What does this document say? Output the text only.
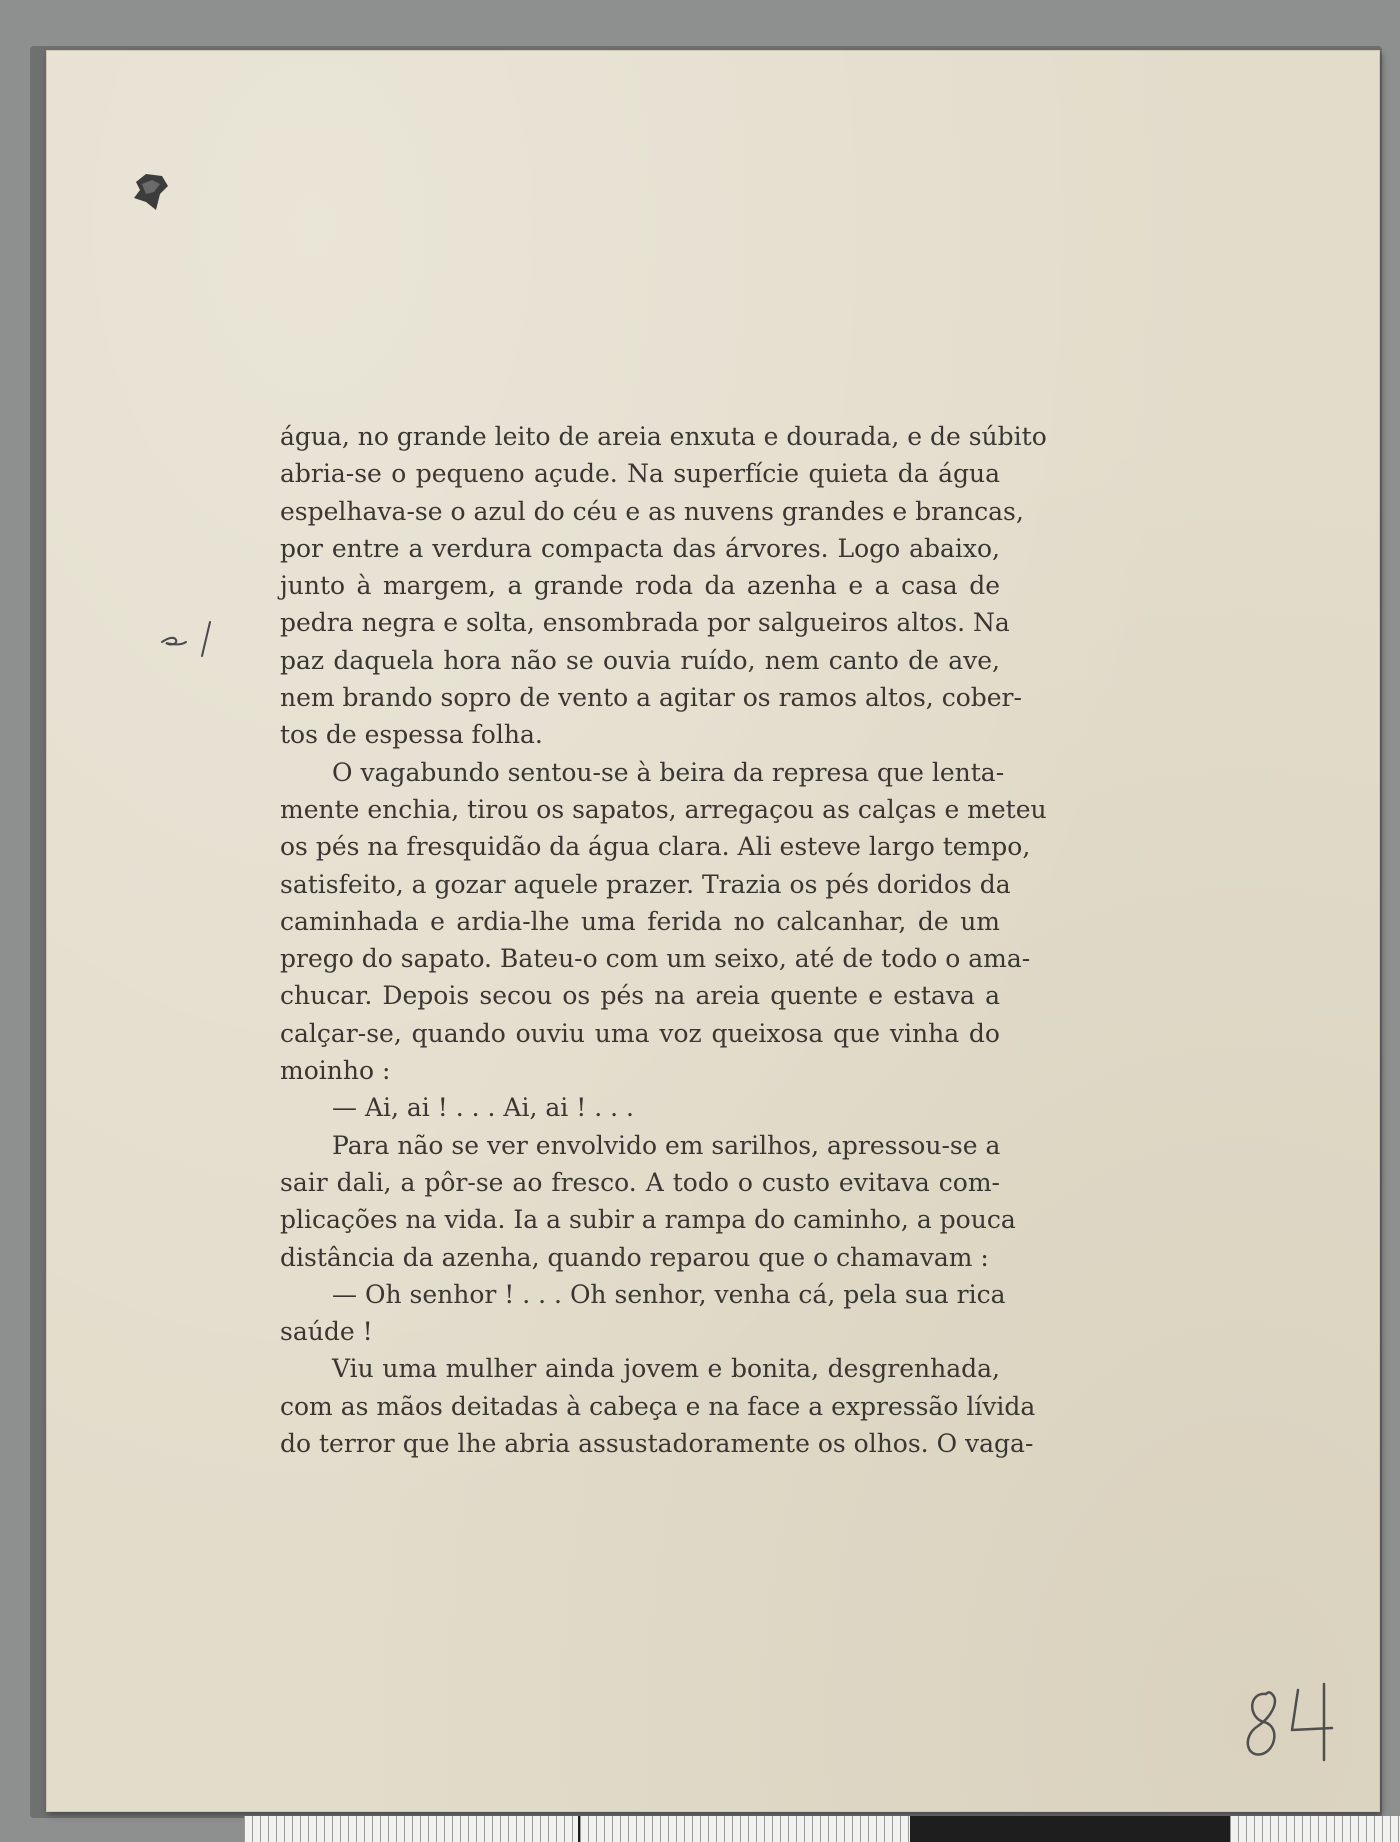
água, no grande leito de areia enxuta e dourada, e de súbito
abria-se o pequeno açude. Na superfície quieta da água
espelhava-se o azul do céu e as nuvens grandes e brancas,
por entre a verdura compacta das árvores. Logo abaixo,
junto à margem, a grande roda da azenha e a casa de
pedra negra e solta, ensombrada por salgueiros altos. Na
paz daquela hora não se ouvia ruído, nem canto de ave,
nem brando sopro de vento a agitar os ramos altos, cober-
tos de espessa folha.
O vagabundo sentou-se à beira da represa que lenta-
mente enchia, tirou os sapatos, arregaçou as calças e meteu
os pés na fresquidão da água clara. Ali esteve largo tempo,
satisfeito, a gozar aquele prazer. Trazia os pés doridos da
caminhada e ardia-lhe uma ferida no calcanhar, de um
prego do sapato. Bateu-o com um seixo, até de todo o ama-
chucar. Depois secou os pés na areia quente e estava a
calçar-se, quando ouviu uma voz queixosa que vinha do
moinho :
— Ai, ai ! . . . Ai, ai ! . . .
Para não se ver envolvido em sarilhos, apressou-se a
sair dali, a pôr-se ao fresco. A todo o custo evitava com-
plicações na vida. Ia a subir a rampa do caminho, a pouca
distância da azenha, quando reparou que o chamavam :
— Oh senhor ! . . . Oh senhor, venha cá, pela sua rica
saúde !
Viu uma mulher ainda jovem e bonita, desgrenhada,
com as mãos deitadas à cabeça e na face a expressão lívida
do terror que lhe abria assustadoramente os olhos. O vaga-
